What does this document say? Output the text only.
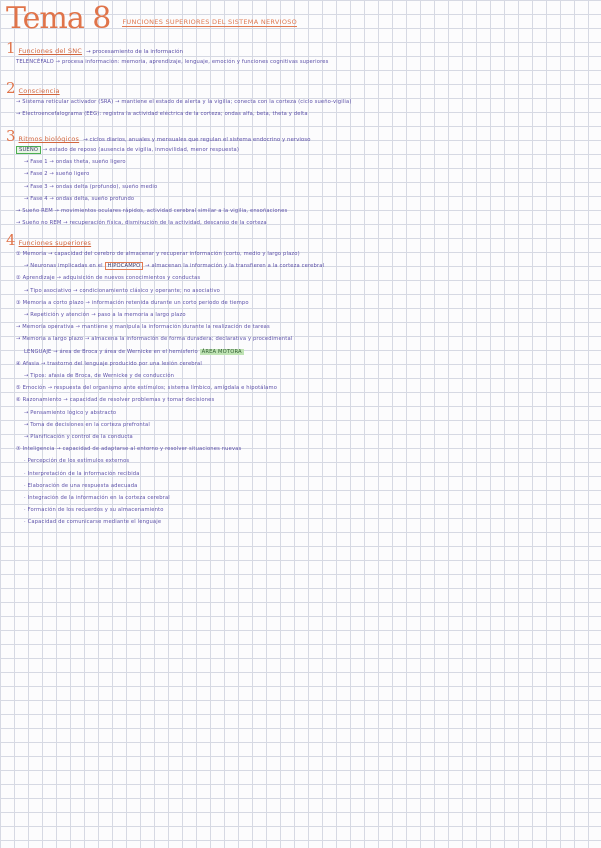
Tema 8 FUNCIONES SUPERIORES DEL SISTEMA NERVIOSO
1 Funciones del SNC → procesamiento de la información
TELENCÉFALO → procesa información: memoria, aprendizaje, lenguaje, emoción y funciones cognitivas superiores
2 Consciencia
→ Sistema reticular activador (SRA) → mantiene el estado de alerta y la vigilia; conecta con la corteza (ciclo sueño-vigilia)
→ Electroencefalograma (EEG): registra la actividad eléctrica de la corteza; ondas alfa, beta, theta y delta
3 Ritmos biológicos → ciclos diarios, anuales y mensuales que regulan el sistema endocrino y nervioso
SUEÑO → estado de reposo (ausencia de vigilia, inmovilidad, menor respuesta)
→ Fase 1 → ondas theta, sueño ligero
→ Fase 2 → sueño ligero
→ Fase 3 → ondas delta (profundo), sueño medio
→ Fase 4 → ondas delta, sueño profundo
→ Sueño REM → movimientos oculares rápidos, actividad cerebral similar a la vigilia, ensoñaciones
→ Sueño no REM → recuperación física, disminución de la actividad, descanso de la corteza
4 Funciones superiores
① Memoria → capacidad del cerebro de almacenar y recuperar información (corto, medio y largo plazo)
→ Neuronas implicadas en el HIPOCAMPO → almacenan la información y la transfieren a la corteza cerebral
② Aprendizaje → adquisición de nuevos conocimientos y conductas
→ Tipo asociativo → condicionamiento clásico y operante; no asociativo
③ Memoria a corto plazo → información retenida durante un corto periodo de tiempo
→ Repetición y atención → paso a la memoria a largo plazo
→ Memoria operativa → mantiene y manipula la información durante la realización de tareas
→ Memoria a largo plazo → almacena la información de forma duradera; declarativa y procedimental
LENGUAJE → área de Broca y área de Wernicke en el hemisferio ÁREA MOTORA
④ Afasia → trastorno del lenguaje producido por una lesión cerebral
→ Tipos: afasia de Broca, de Wernicke y de conducción
⑤ Emoción → respuesta del organismo ante estímulos; sistema límbico, amígdala e hipotálamo
⑥ Razonamiento → capacidad de resolver problemas y tomar decisiones
→ Pensamiento lógico y abstracto
→ Toma de decisiones en la corteza prefrontal
→ Planificación y control de la conducta
⑦ Inteligencia → capacidad de adaptarse al entorno y resolver situaciones nuevas
· Percepción de los estímulos externos
· Interpretación de la información recibida
· Elaboración de una respuesta adecuada
· Integración de la información en la corteza cerebral
· Formación de los recuerdos y su almacenamiento
· Capacidad de comunicarse mediante el lenguaje
